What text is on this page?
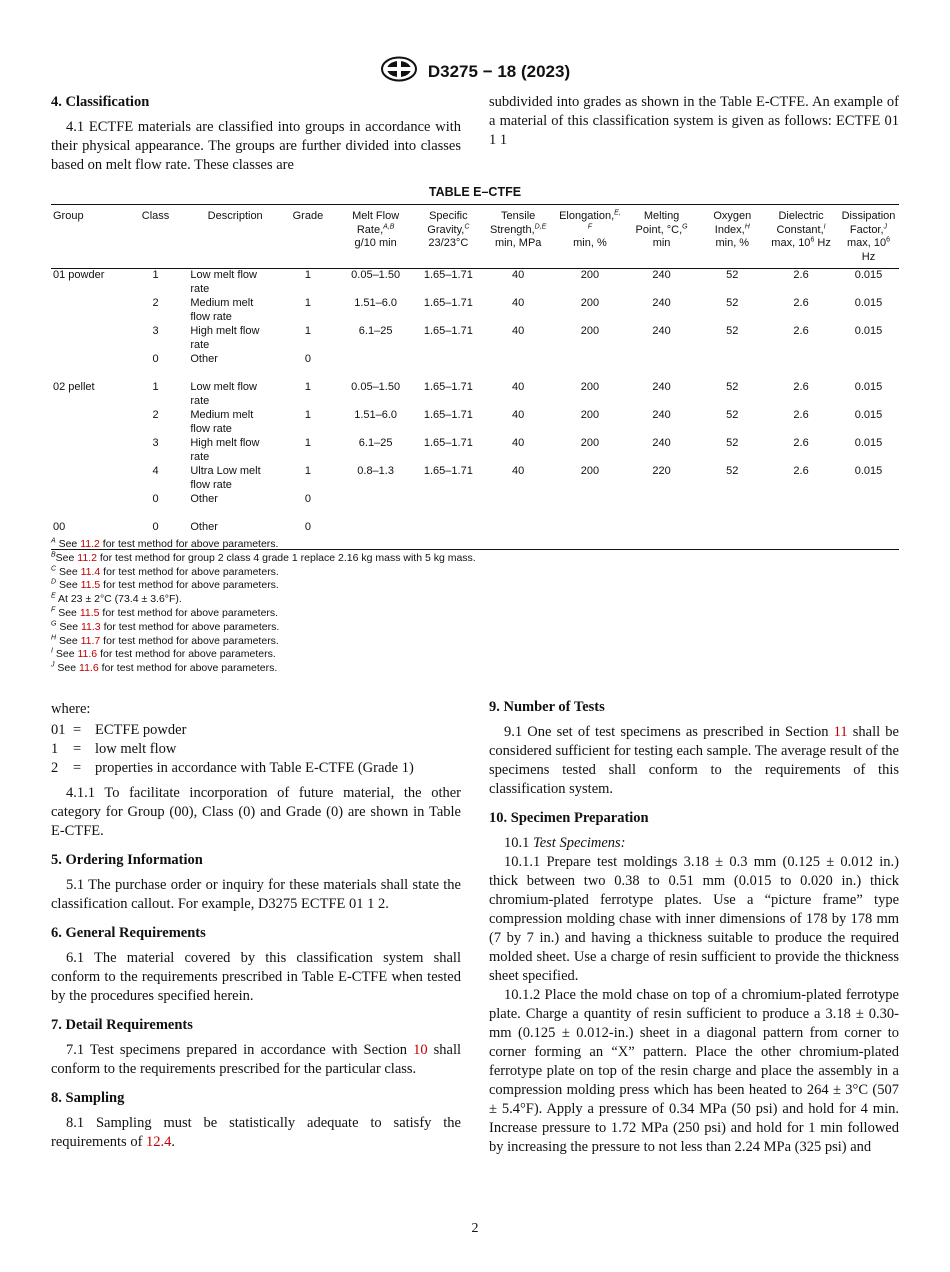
D3275 − 18 (2023)

4. Classification

4.1 ECTFE materials are classified into groups in accordance with their physical appearance. The groups are further divided into classes based on melt flow rate. These classes are

subdivided into grades as shown in the Table E-CTFE. An example of a material of this classification system is given as follows: ECTFE 01 1 1

TABLE E–CTFE
Group	Class	Description	Grade	Melt Flow
Rate,$^{A,B}$
g/10 min	Specific
Gravity,$^C$
23/23°C	Tensile
Strength,$^{D,E}$
min, MPa	Elongation,$^{E,}$
$^F$
min, %	Melting
Point, °C,$^G$
min	Oxygen
Index,$^H$
min, %	Dielectric
Constant,$^I$
max, $10^6$ Hz	Dissipation
Factor,$^J$
max, $10^6$ Hz
01 powder	1	Low melt flow rate	1	0.05–1.50	1.65–1.71	40	200	240	52	2.6	0.015
	2	Medium melt flow rate	1	1.51–6.0	1.65–1.71	40	200	240	52	2.6	0.015
	3	High melt flow rate	1	6.1–25	1.65–1.71	40	200	240	52	2.6	0.015
	0	Other	0								

02 pellet	1	Low melt flow rate	1	0.05–1.50	1.65–1.71	40	200	240	52	2.6	0.015
	2	Medium melt flow rate	1	1.51–6.0	1.65–1.71	40	200	240	52	2.6	0.015
	3	High melt flow rate	1	6.1–25	1.65–1.71	40	200	240	52	2.6	0.015
	4	Ultra Low melt flow rate	1	0.8–1.3	1.65–1.71	40	200	220	52	2.6	0.015
	0	Other	0								

00	0	Other	0								
$^A$ See 11.2 for test method for above parameters.
$^B$See 11.2 for test method for group 2 class 4 grade 1 replace 2.16 kg mass with 5 kg mass.
$^C$ See 11.4 for test method for above parameters.
$^D$ See 11.5 for test method for above parameters.
$^E$ At 23 ± 2°C (73.4 ± 3.6°F).
$^F$ See 11.5 for test method for above parameters.
$^G$ See 11.3 for test method for above parameters.
$^H$ See 11.7 for test method for above parameters.
$^I$ See 11.6 for test method for above parameters.
$^J$ See 11.6 for test method for above parameters.

where:

01 = ECTFE powder
1	= low melt flow
2	= properties in accordance with Table E-CTFE (Grade 1)

4.1.1 To facilitate incorporation of future material, the other category for Group (00), Class (0) and Grade (0) are shown in Table E-CTFE.

5. Ordering Information

5.1 The purchase order or inquiry for these materials shall state the classification callout. For example, D3275 ECTFE 01 1 2.

6. General Requirements

6.1 The material covered by this classification system shall conform to the requirements prescribed in Table E-CTFE when tested by the procedures specified herein.

7. Detail Requirements

7.1 Test specimens prepared in accordance with Section 10 shall conform to the requirements prescribed for the particular class.

8. Sampling

8.1 Sampling must be statistically adequate to satisfy the requirements of 12.4.

9. Number of Tests

9.1 One set of test specimens as prescribed in Section 11 shall be considered sufficient for testing each sample. The average result of the specimens tested shall conform to the requirements of this classification system.

10. Specimen Preparation

10.1 Test Specimens:

10.1.1 Prepare test moldings 3.18 ± 0.3 mm (0.125 ± 0.012 in.) thick between two 0.38 to 0.51 mm (0.015 to 0.020 in.) thick chromium-plated ferrotype plates. Use a “picture frame” type compression molding chase with inner dimensions of 178 by 178 mm (7 by 7 in.) and having a thickness suitable to produce the required molded sheet. Use a charge of resin sufficient to provide the thickness sheet specified.

10.1.2 Place the mold chase on top of a chromium-plated ferrotype plate. Charge a quantity of resin sufficient to produce a 3.18 ± 0.30-mm (0.125 ± 0.012-in.) sheet in a diagonal pattern from corner to corner forming an “X” pattern. Place the other chromium-plated ferrotype plate on top of the resin charge and place the assembly in a compression molding press which has been heated to 264 ± 3°C (507 ± 5.4°F). Apply a pressure of 0.34 MPa (50 psi) and hold for 4 min. Increase pressure to 1.72 MPa (250 psi) and hold for 1 min followed by increasing the pressure to not less than 2.24 MPa (325 psi) and

2
